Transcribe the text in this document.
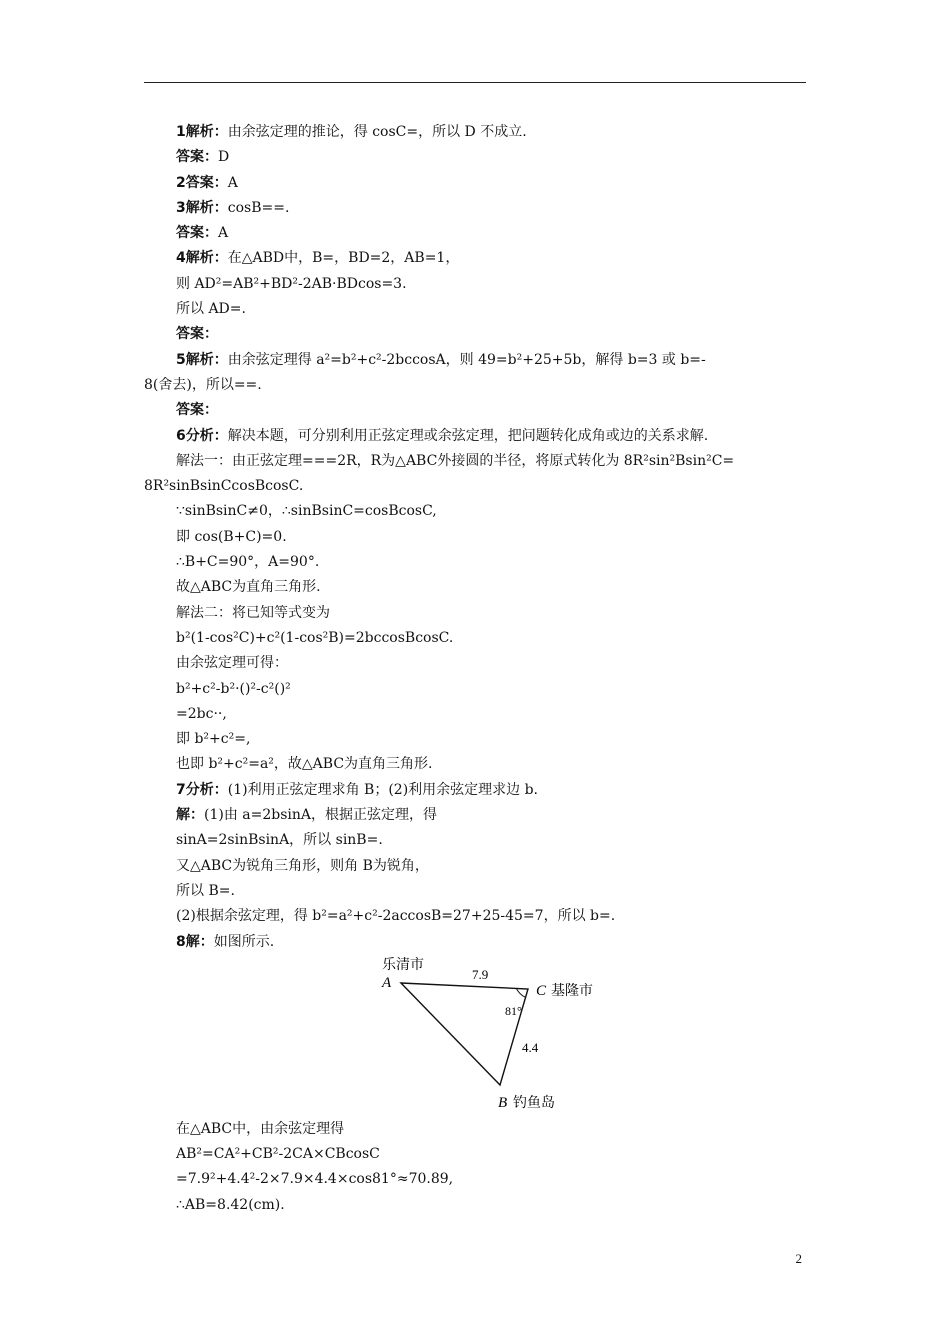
1解析：由余弦定理的推论，得 cosC=，所以 D 不成立.
答案：D
2答案：A
3解析：cosB==.
答案：A
4解析：在△ABD中，B=，BD=2，AB=1，
则 AD²=AB²+BD²-2AB·BDcos=3.
所以 AD=.
答案：
5解析：由余弦定理得 a²=b²+c²-2bccosA，则 49=b²+25+5b，解得 b=3 或 b=-
8(舍去)，所以==.
答案：
6分析：解决本题，可分别利用正弦定理或余弦定理，把问题转化成角或边的关系求解.
解法一：由正弦定理===2R，R为△ABC外接圆的半径，将原式转化为 8R²sin²Bsin²C=
8R²sinBsinCcosBcosC.
∵sinBsinC≠0，∴sinBsinC=cosBcosC,
即 cos(B+C)=0.
∴B+C=90°，A=90°.
故△ABC为直角三角形.
解法二：将已知等式变为
b²(1-cos²C)+c²(1-cos²B)=2bccosBcosC.
由余弦定理可得：
b²+c²-b²·()²-c²()²
=2bc··,
即 b²+c²=,
也即 b²+c²=a²，故△ABC为直角三角形.
7分析：(1)利用正弦定理求角 B；(2)利用余弦定理求边 b.
解：(1)由 a=2bsinA，根据正弦定理，得
sinA=2sinBsinA，所以 sinB=.
又△ABC为锐角三角形，则角 B为锐角，
所以 B=.
(2)根据余弦定理，得 b²=a²+c²-2accosB=27+25-45=7，所以 b=.
8解：如图所示.
乐清市
A	C 基隆市
7.9
81°
4.4
B 钓鱼岛
在△ABC中，由余弦定理得
AB²=CA²+CB²-2CA×CBcosC
=7.9²+4.4²-2×7.9×4.4×cos81°≈70.89,
∴AB=8.42(cm).
2
